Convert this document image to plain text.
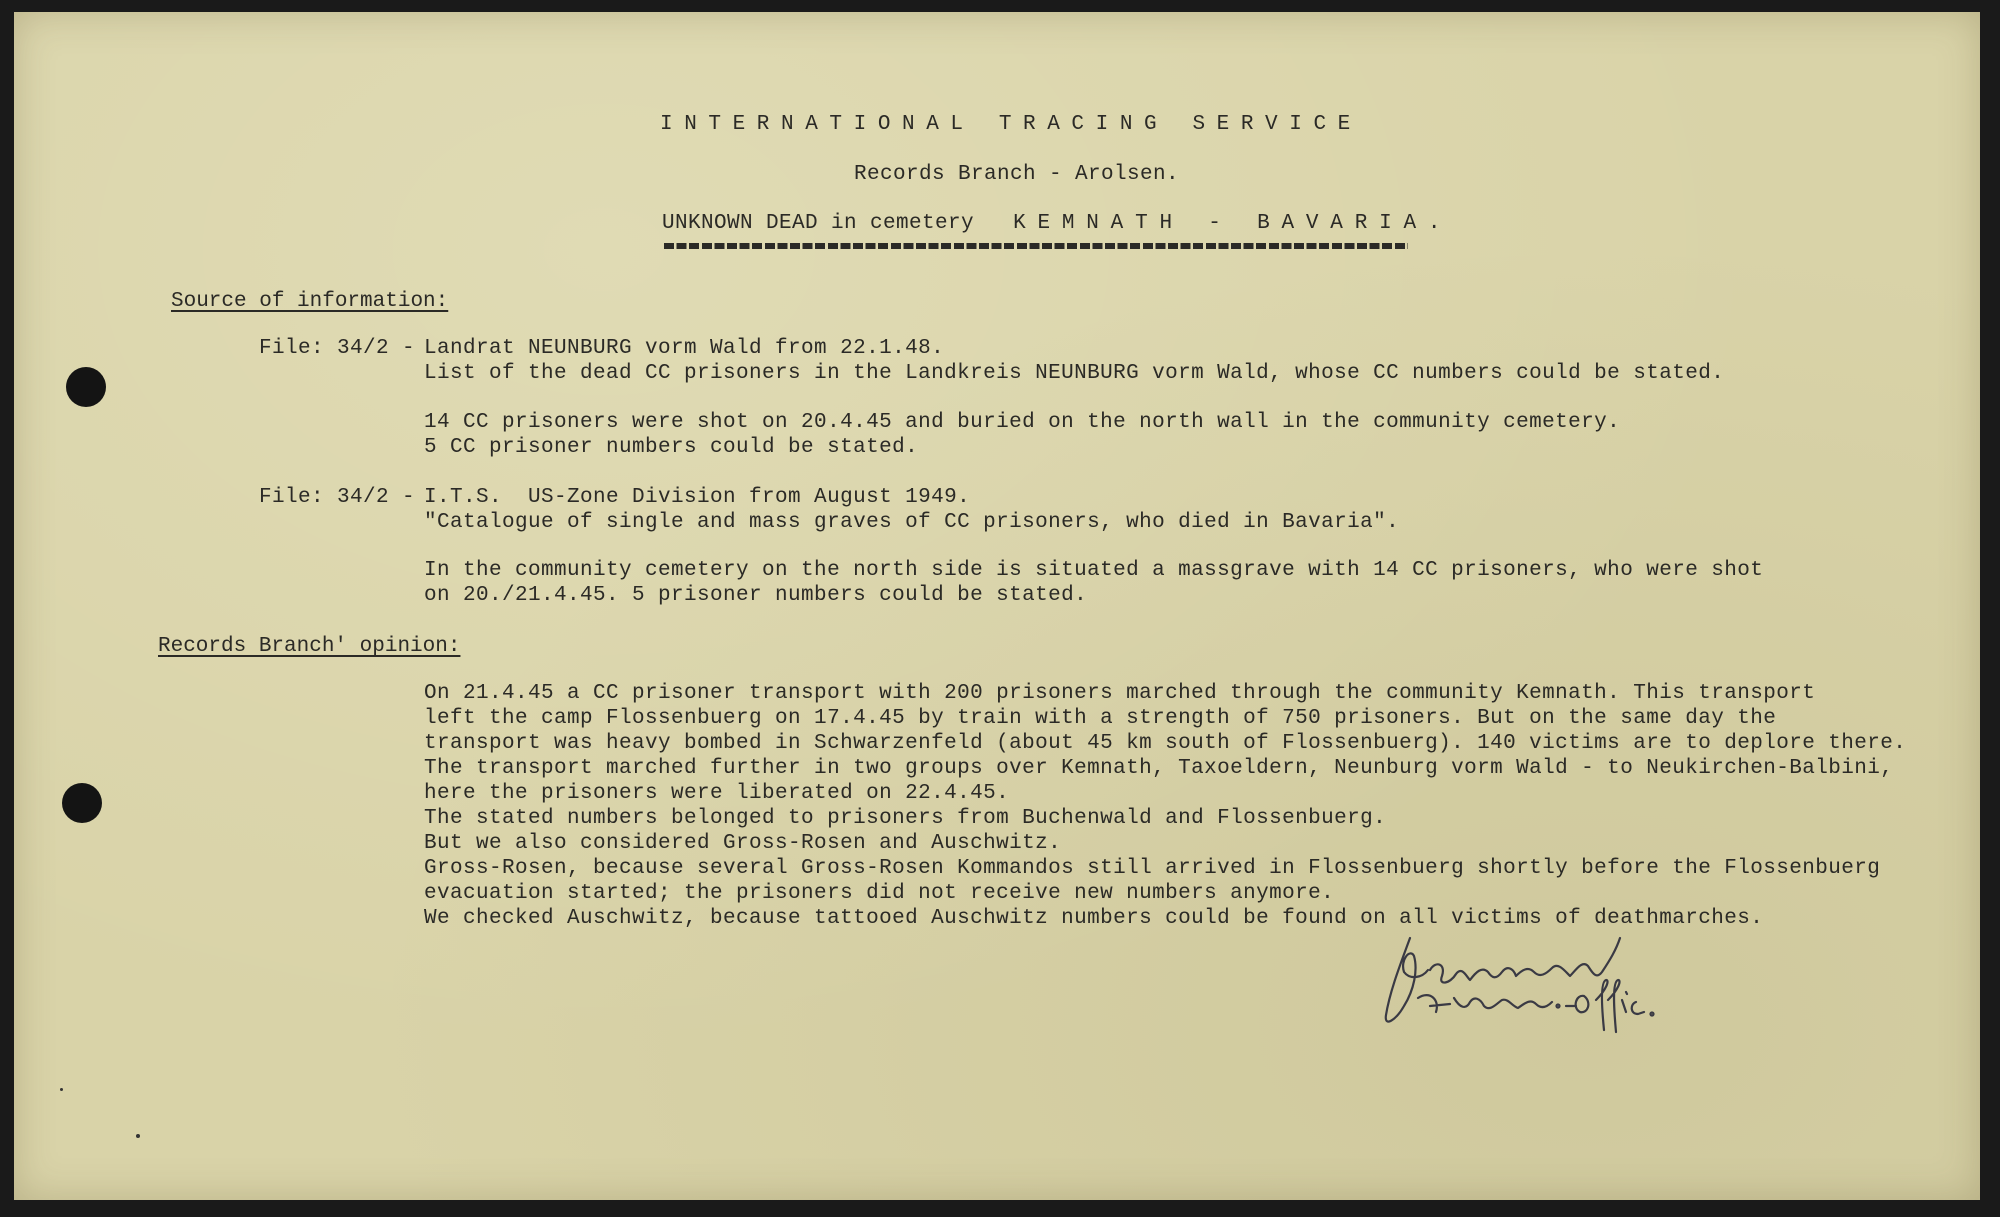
INTERNATIONAL TRACING SERVICE
Records Branch - Arolsen.
UNKNOWN DEAD in cemetery KEMNATH - BAVARIA.
Source of information:
File: 34/2 - Landrat NEUNBURG vorm Wald from 22.1.48.
List of the dead CC prisoners in the Landkreis NEUNBURG vorm Wald, whose CC numbers could be stated.
14 CC prisoners were shot on 20.4.45 and buried on the north wall in the community cemetery.
5 CC prisoner numbers could be stated.
File: 34/2 - I.T.S.  US-Zone Division from August 1949.
"Catalogue of single and mass graves of CC prisoners, who died in Bavaria".
In the community cemetery on the north side is situated a massgrave with 14 CC prisoners, who were shot
on 20./21.4.45. 5 prisoner numbers could be stated.
Records Branch' opinion:
On 21.4.45 a CC prisoner transport with 200 prisoners marched through the community Kemnath. This transport
left the camp Flossenbuerg on 17.4.45 by train with a strength of 750 prisoners. But on the same day the
transport was heavy bombed in Schwarzenfeld (about 45 km south of Flossenbuerg). 140 victims are to deplore there.
The transport marched further in two groups over Kemnath, Taxoeldern, Neunburg vorm Wald - to Neukirchen-Balbini,
here the prisoners were liberated on 22.4.45.
The stated numbers belonged to prisoners from Buchenwald and Flossenbuerg.
But we also considered Gross-Rosen and Auschwitz.
Gross-Rosen, because several Gross-Rosen Kommandos still arrived in Flossenbuerg shortly before the Flossenbuerg
evacuation started; the prisoners did not receive new numbers anymore.
We checked Auschwitz, because tattooed Auschwitz numbers could be found on all victims of deathmarches.
